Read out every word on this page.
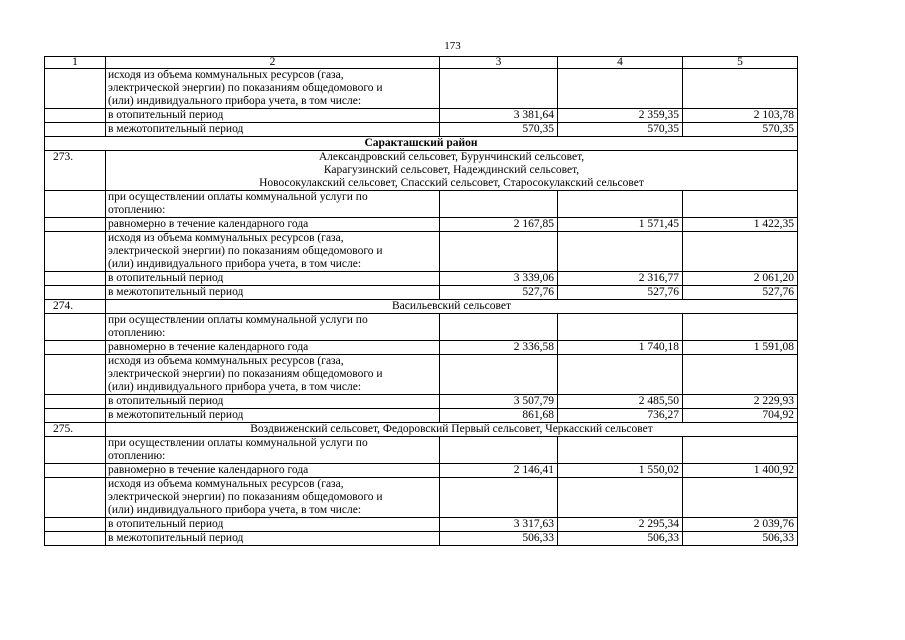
173
1	2	3	4	5

	исходя из объема коммунальных ресурсов (газа,
электрической энергии) по показаниям общедомового и
(или) индивидуального прибора учета, в том числе:			

	в отопительный период	3 381,64	2 359,35	2 103,78
	в межотопительный период	570,35	570,35	570,35
Саракташский район				
273.	Александровский сельсовет, Бурунчинский сельсовет,
Карагузинский сельсовет, Надеждинский сельсовет,
Новосокулакский сельсовет, Спасский сельсовет, Старосокулакский сельсовет			

	при осуществлении оплаты коммунальной услуги по
отоплению:			

	равномерно в течение календарного года	2 167,85	1 571,45	1 422,35

	исходя из объема коммунальных ресурсов (газа,
электрической энергии) по показаниям общедомового и
(или) индивидуального прибора учета, в том числе:			

	в отопительный период	3 339,06	2 316,77	2 061,20
	в межотопительный период	527,76	527,76	527,76
274.	Васильевский сельсовет			

	при осуществлении оплаты коммунальной услуги по
отоплению:			

	равномерно в течение календарного года	2 336,58	1 740,18	1 591,08

	исходя из объема коммунальных ресурсов (газа,
электрической энергии) по показаниям общедомового и
(или) индивидуального прибора учета, в том числе:			

	в отопительный период	3 507,79	2 485,50	2 229,93
	в межотопительный период	861,68	736,27	704,92
275.	Воздвиженский сельсовет, Федоровский Первый сельсовет, Черкасский сельсовет			

	при осуществлении оплаты коммунальной услуги по
отоплению:			

	равномерно в течение календарного года	2 146,41	1 550,02	1 400,92

	исходя из объема коммунальных ресурсов (газа,
электрической энергии) по показаниям общедомового и
(или) индивидуального прибора учета, в том числе:			

	в отопительный период	3 317,63	2 295,34	2 039,76
	в межотопительный период	506,33	506,33	506,33
